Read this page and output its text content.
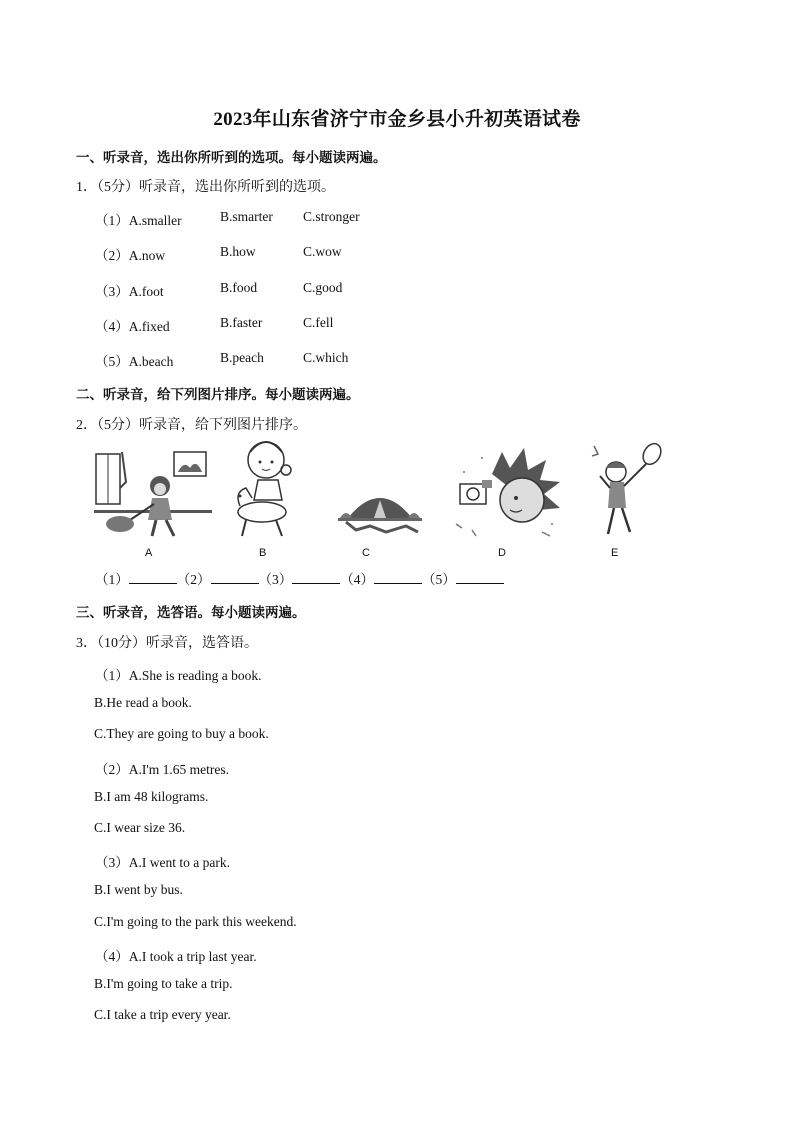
2023年山东省济宁市金乡县小升初英语试卷
一、听录音，选出你所听到的选项。每小题读两遍。
1．（5分）听录音，选出你所听到的选项。
（1）A.smaller	B.smarter C.stronger
（2）A.now	B.how	C.wow
（3）A.foot	B.food	C.good
（4）A.fixed	B.faster	C.fell
（5）A.beach	B.peach	C.which
二、听录音，给下列图片排序。每小题读两遍。
2．（5分）听录音，给下列图片排序。
A	B	C	D	E
（1）	（2）	（3）	（4）	（5）
三、听录音，选答语。每小题读两遍。
3．（10分）听录音，选答语。
（1）A.She is reading a book.
B.He read a book.
C.They are going to buy a book.
（2）A.I'm 1.65 metres.
B.I am 48 kilograms.
C.I wear size 36.
（3）A.I went to a park.
B.I went by bus.
C.I'm going to the park this weekend.
（4）A.I took a trip last year.
B.I'm going to take a trip.
C.I take a trip every year.
